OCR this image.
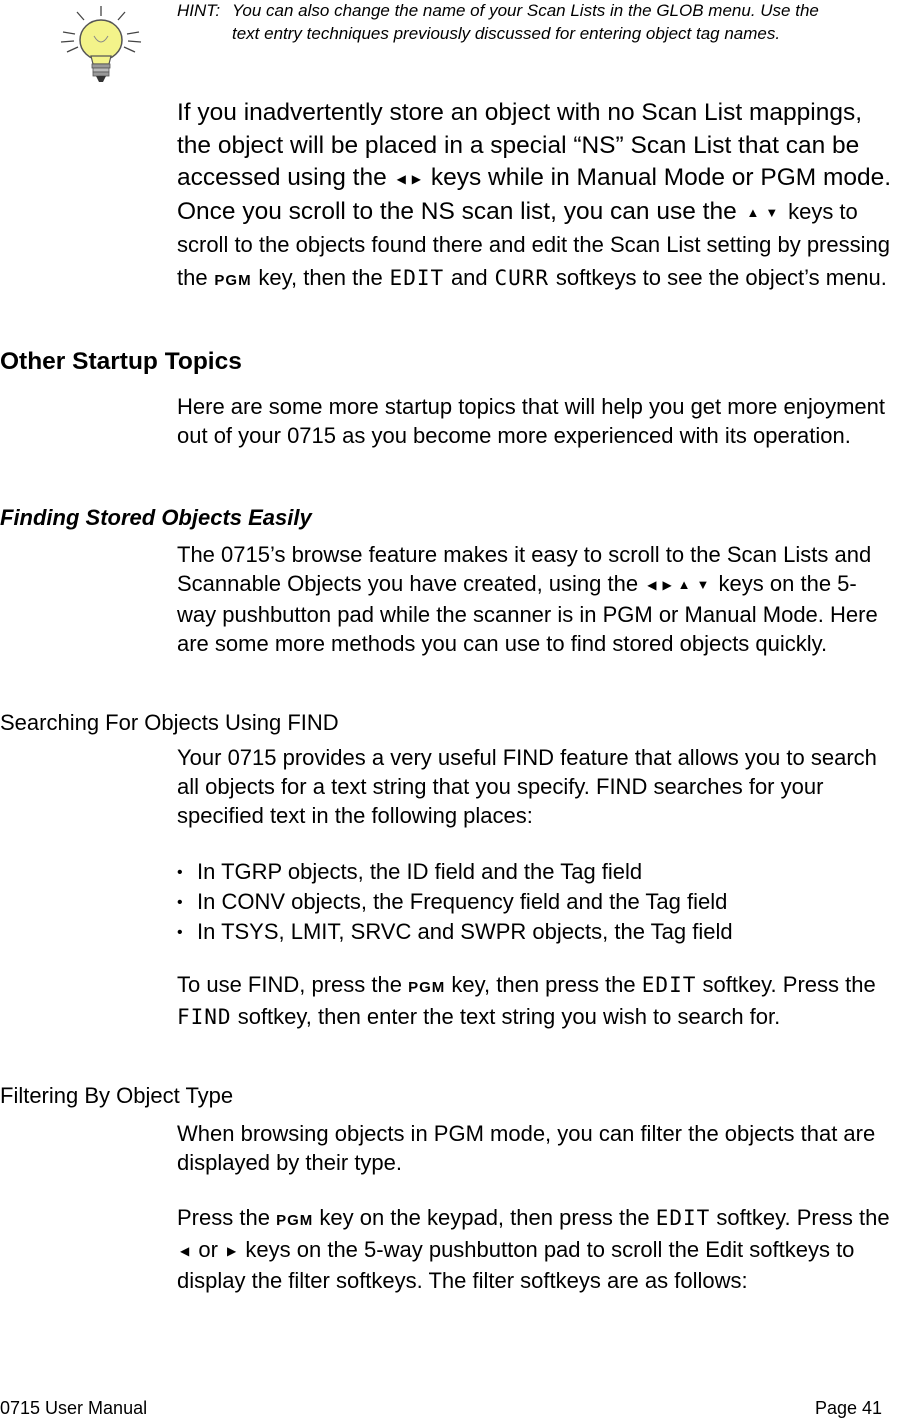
HINT: You can also change the name of your Scan Lists in the GLOB menu. Use the text entry techniques previously discussed for entering object tag names.
If you inadvertently store an object with no Scan List mappings, the object will be placed in a special “NS” Scan List that can be accessed using the ◀ ▶ keys while in Manual Mode or PGM mode. Once you scroll to the NS scan list, you can use the ▲ ▼ keys to scroll to the objects found there and edit the Scan List setting by pressing the PGM key, then the EDIT and CURR softkeys to see the object’s menu.
Other Startup Topics
Here are some more startup topics that will help you get more enjoyment out of your 0715 as you become more experienced with its operation.
Finding Stored Objects Easily
The 0715’s browse feature makes it easy to scroll to the Scan Lists and Scannable Objects you have created, using the ◀ ▶ ▲ ▼ keys on the 5-way pushbutton pad while the scanner is in PGM or Manual Mode. Here are some more methods you can use to find stored objects quickly.
Searching For Objects Using FIND
Your 0715 provides a very useful FIND feature that allows you to search all objects for a text string that you specify. FIND searches for your specified text in the following places:
• In TGRP objects, the ID field and the Tag field
• In CONV objects, the Frequency field and the Tag field
• In TSYS, LMIT, SRVC and SWPR objects, the Tag field
To use FIND, press the PGM key, then press the EDIT softkey. Press the FIND softkey, then enter the text string you wish to search for.
Filtering By Object Type
When browsing objects in PGM mode, you can filter the objects that are displayed by their type.
Press the PGM key on the keypad, then press the EDIT softkey. Press the ◀ or ▶ keys on the 5-way pushbutton pad to scroll the Edit softkeys to display the filter softkeys. The filter softkeys are as follows:
0715 User Manual	Page 41
